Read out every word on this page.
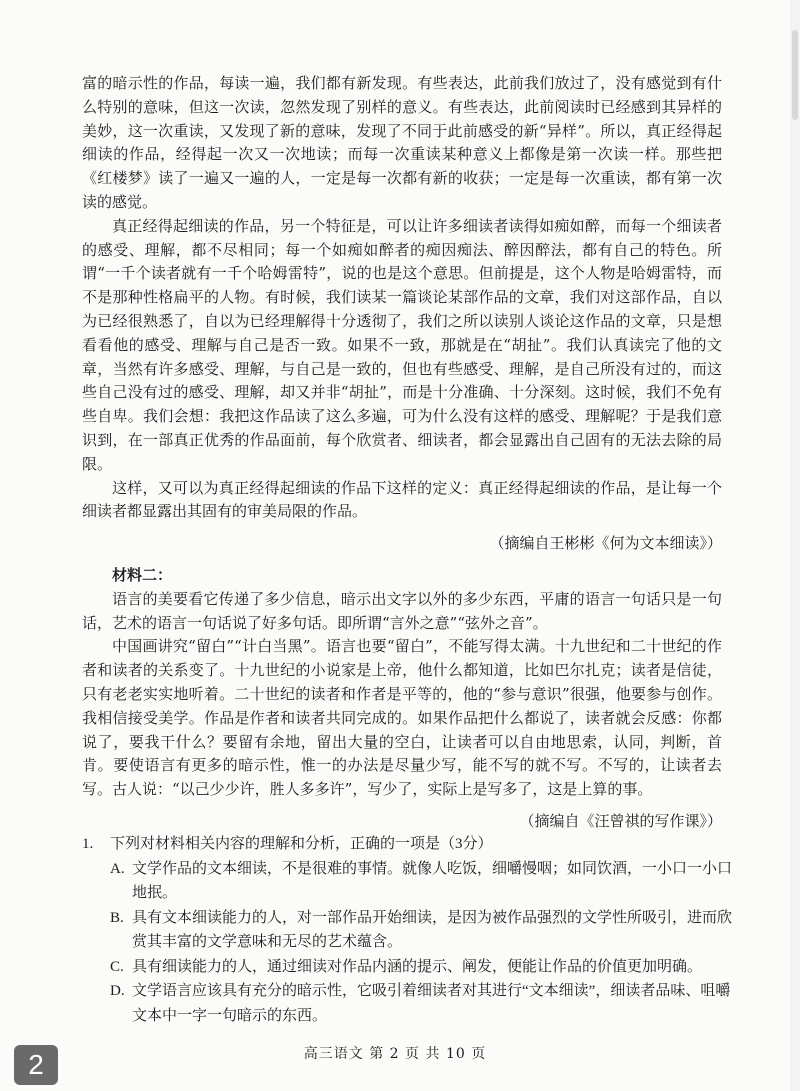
富的暗示性的作品，每读一遍，我们都有新发现。有些表达，此前我们放过了，没有感觉到有什么特别的意味，但这一次读，忽然发现了别样的意义。有些表达，此前阅读时已经感到其异样的美妙，这一次重读，又发现了新的意味，发现了不同于此前感受的新“异样”。所以，真正经得起细读的作品，经得起一次又一次地读；而每一次重读某种意义上都像是第一次读一样。那些把《红楼梦》读了一遍又一遍的人，一定是每一次都有新的收获；一定是每一次重读，都有第一次读的感觉。

真正经得起细读的作品，另一个特征是，可以让许多细读者读得如痴如醉，而每一个细读者的感受、理解，都不尽相同；每一个如痴如醉者的痴因痴法、醉因醉法，都有自己的特色。所谓“一千个读者就有一千个哈姆雷特”，说的也是这个意思。但前提是，这个人物是哈姆雷特，而不是那种性格扁平的人物。有时候，我们读某一篇谈论某部作品的文章，我们对这部作品，自以为已经很熟悉了，自以为已经理解得十分透彻了，我们之所以读别人谈论这作品的文章，只是想看看他的感受、理解与自己是否一致。如果不一致，那就是在“胡扯”。我们认真读完了他的文章，当然有许多感受、理解，与自己是一致的，但也有些感受、理解，是自己所没有过的，而这些自己没有过的感受、理解，却又并非“胡扯”，而是十分准确、十分深刻。这时候，我们不免有些自卑。我们会想：我把这作品读了这么多遍，可为什么没有这样的感受、理解呢？于是我们意识到，在一部真正优秀的作品面前，每个欣赏者、细读者，都会显露出自己固有的无法去除的局限。

这样，又可以为真正经得起细读的作品下这样的定义：真正经得起细读的作品，是让每一个细读者都显露出其固有的审美局限的作品。

（摘编自王彬彬《何为文本细读》）

材料二：

语言的美要看它传递了多少信息，暗示出文字以外的多少东西，平庸的语言一句话只是一句话，艺术的语言一句话说了好多句话。即所谓“言外之意”“弦外之音”。

中国画讲究“留白”“计白当黑”。语言也要“留白”，不能写得太满。十九世纪和二十世纪的作者和读者的关系变了。十九世纪的小说家是上帝，他什么都知道，比如巴尔扎克；读者是信徒，只有老老实实地听着。二十世纪的读者和作者是平等的，他的“参与意识”很强，他要参与创作。我相信接受美学。作品是作者和读者共同完成的。如果作品把什么都说了，读者就会反感：你都说了，要我干什么？要留有余地，留出大量的空白，让读者可以自由地思索，认同，判断，首肯。要使语言有更多的暗示性，惟一的办法是尽量少写，能不写的就不写。不写的，让读者去写。古人说：“以己少少许，胜人多多许”，写少了，实际上是写多了，这是上算的事。

（摘编自《汪曾祺的写作课》）

1. 下列对材料相关内容的理解和分析，正确的一项是（3分）
A. 文学作品的文本细读，不是很难的事情。就像人吃饭，细嚼慢咽；如同饮酒，一小口一小口地抿。
B. 具有文本细读能力的人，对一部作品开始细读，是因为被作品强烈的文学性所吸引，进而欣赏其丰富的文学意味和无尽的艺术蕴含。
C. 具有细读能力的人，通过细读对作品内涵的提示、阐发，便能让作品的价值更加明确。
D. 文学语言应该具有充分的暗示性，它吸引着细读者对其进行“文本细读”，细读者品味、咀嚼文本中一字一句暗示的东西。
高三语文 第 2 页 共 10 页
2
